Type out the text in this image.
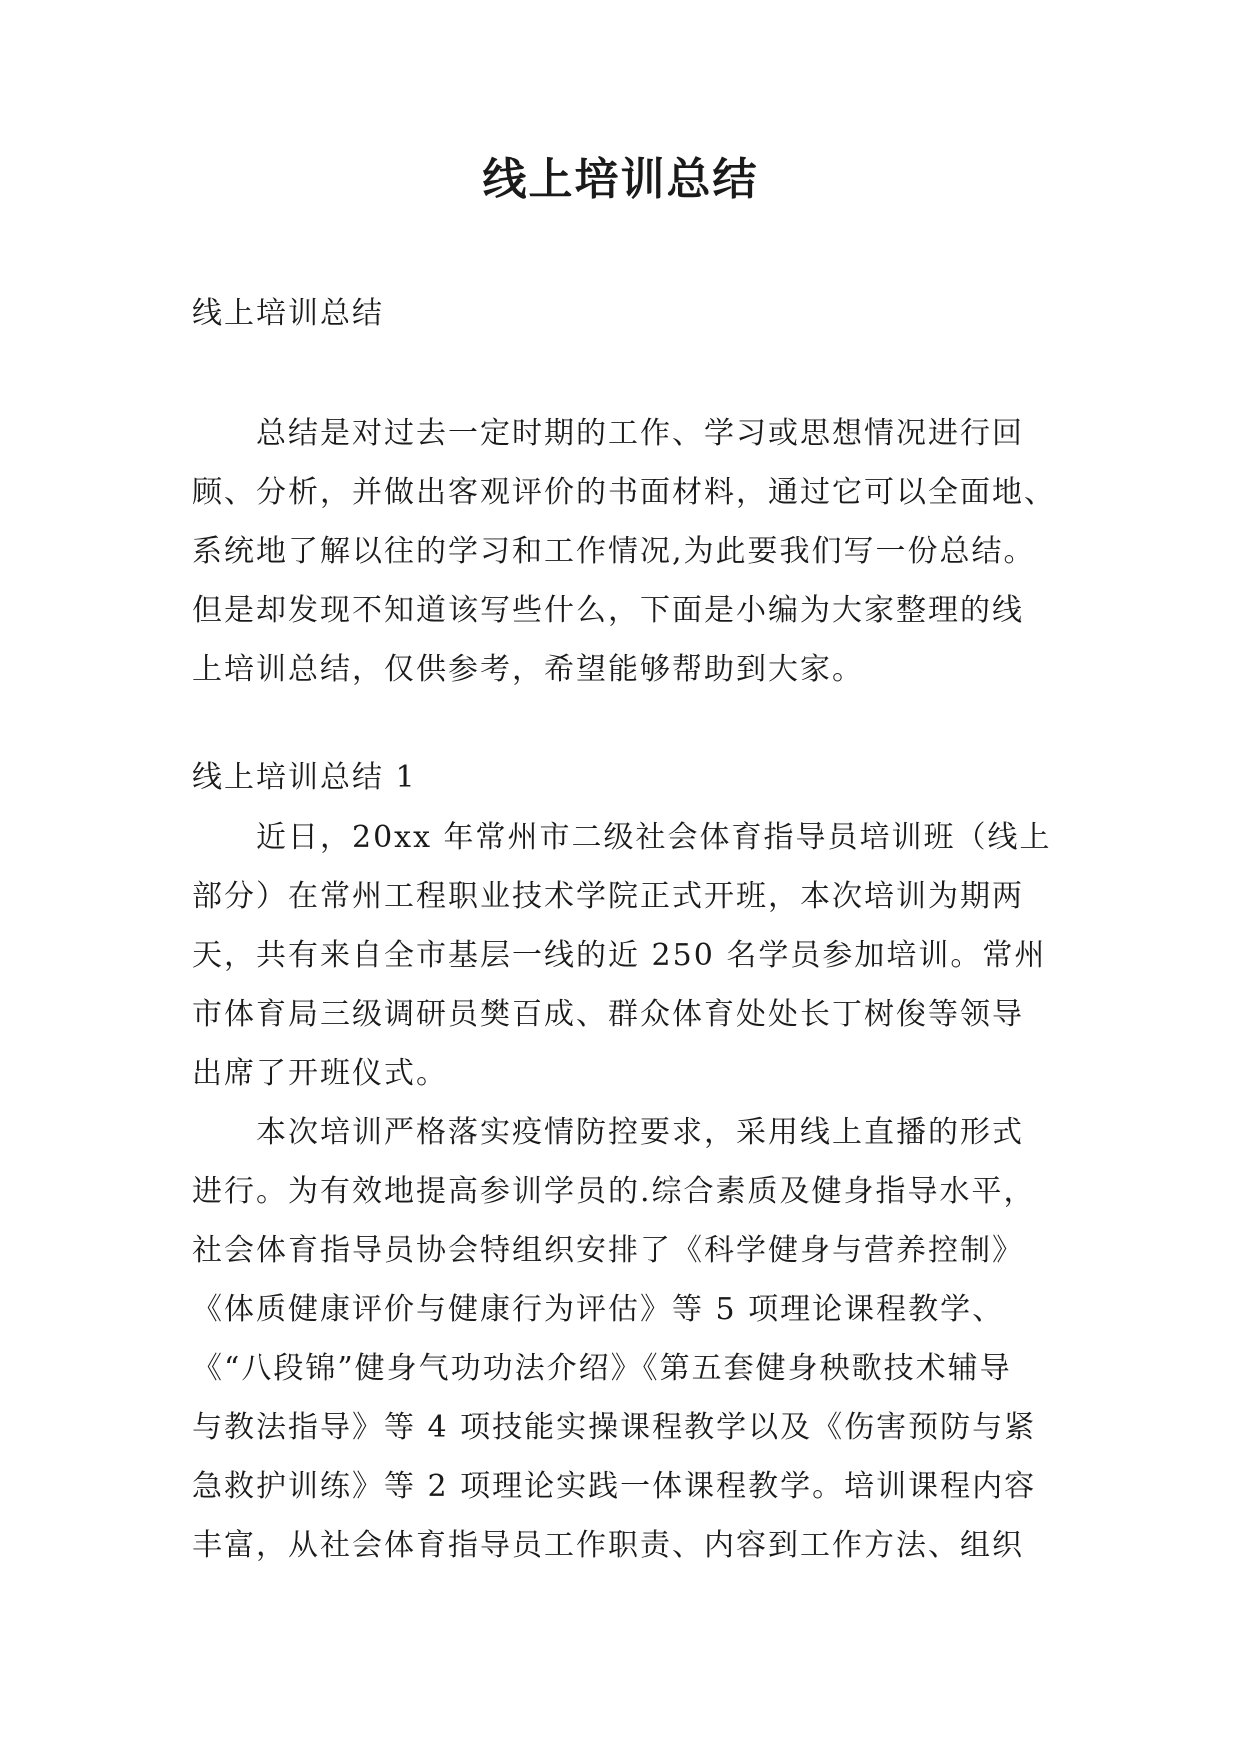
线上培训总结
线上培训总结
总结是对过去一定时期的工作、学习或思想情况进行回
顾、分析，并做出客观评价的书面材料，通过它可以全面地、
系统地了解以往的学习和工作情况,为此要我们写一份总结。
但是却发现不知道该写些什么，下面是小编为大家整理的线
上培训总结，仅供参考，希望能够帮助到大家。
线上培训总结 1
近日，20xx 年常州市二级社会体育指导员培训班（线上
部分）在常州工程职业技术学院正式开班，本次培训为期两
天，共有来自全市基层一线的近 250 名学员参加培训。常州
市体育局三级调研员樊百成、群众体育处处长丁树俊等领导
出席了开班仪式。
本次培训严格落实疫情防控要求，采用线上直播的形式
进行。为有效地提高参训学员的.综合素质及健身指导水平，
社会体育指导员协会特组织安排了《科学健身与营养控制》
《体质健康评价与健康行为评估》等 5 项理论课程教学、
《“八段锦”健身气功功法介绍》《第五套健身秧歌技术辅导
与教法指导》等 4 项技能实操课程教学以及《伤害预防与紧
急救护训练》等 2 项理论实践一体课程教学。培训课程内容
丰富，从社会体育指导员工作职责、内容到工作方法、组织
